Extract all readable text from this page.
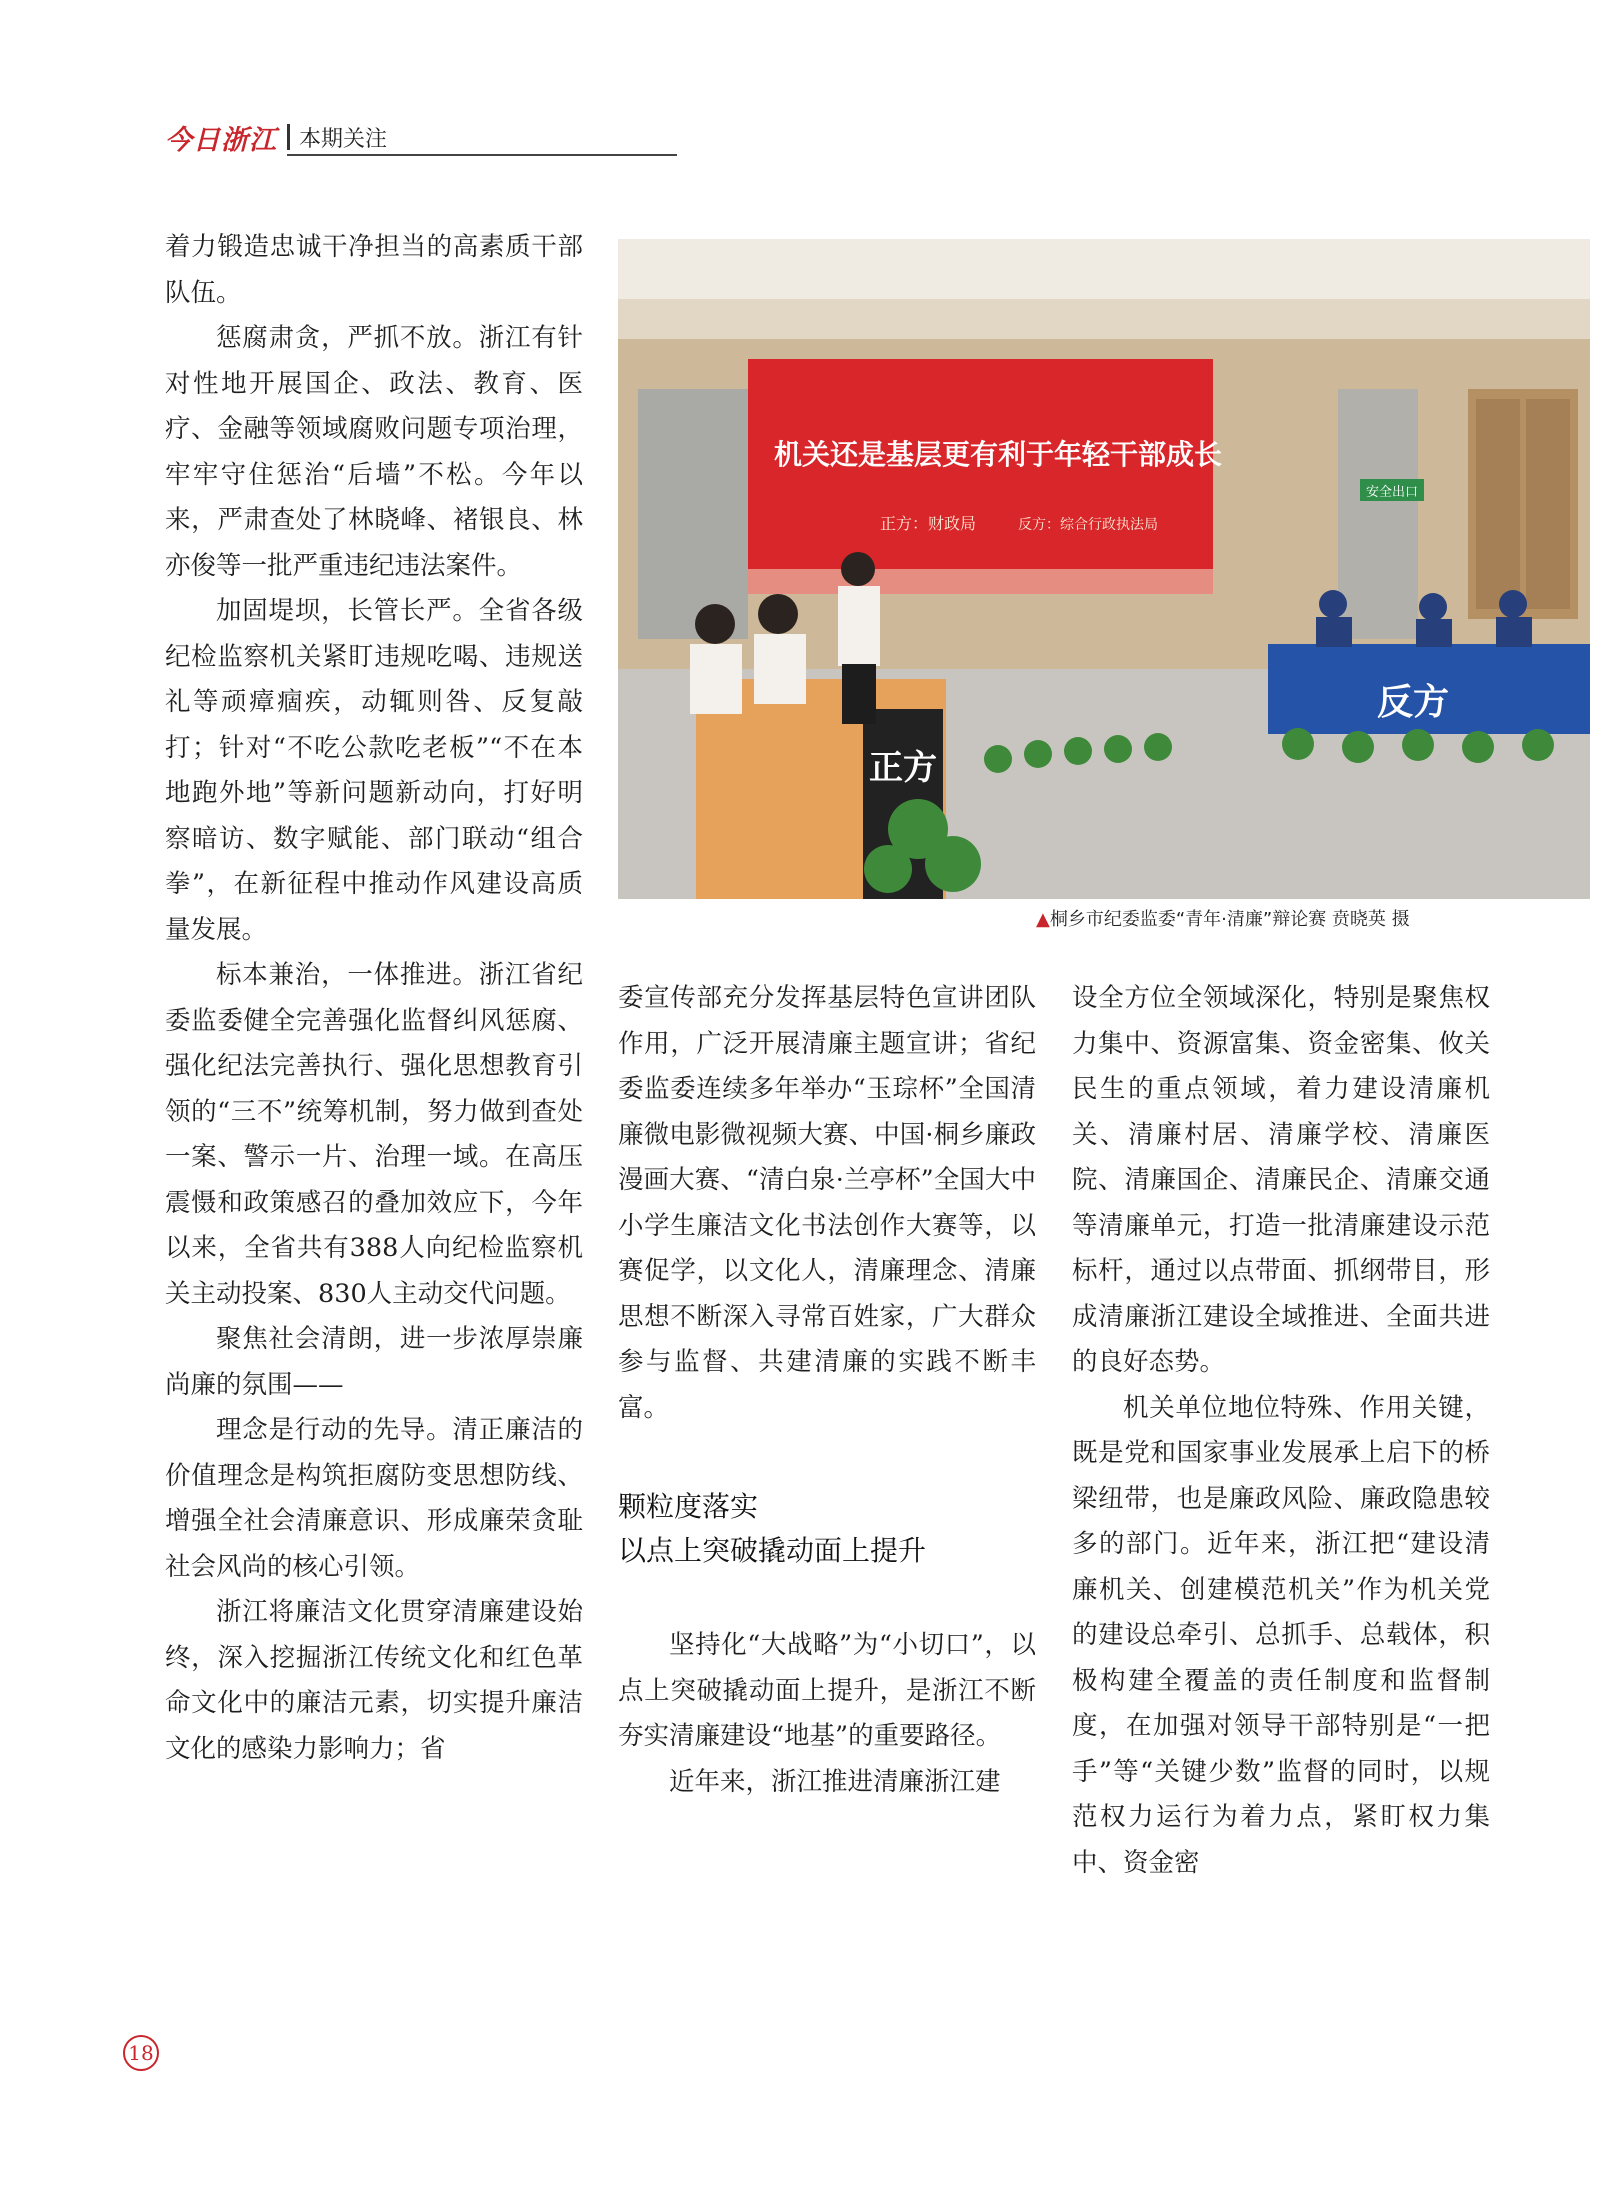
今日浙江 本期关注

着力锻造忠诚干净担当的高素质干部队伍。

惩腐肃贪，严抓不放。浙江有针对性地开展国企、政法、教育、医疗、金融等领域腐败问题专项治理，牢牢守住惩治“后墙”不松。今年以来，严肃查处了林晓峰、褚银良、林亦俊等一批严重违纪违法案件。

加固堤坝，长管长严。全省各级纪检监察机关紧盯违规吃喝、违规送礼等顽瘴痼疾，动辄则咎、反复敲打；针对“不吃公款吃老板”“不在本地跑外地”等新问题新动向，打好明察暗访、数字赋能、部门联动“组合拳”，在新征程中推动作风建设高质量发展。

标本兼治，一体推进。浙江省纪委监委健全完善强化监督纠风惩腐、强化纪法完善执行、强化思想教育引领的“三不”统筹机制，努力做到查处一案、警示一片、治理一域。在高压震慑和政策感召的叠加效应下，今年以来，全省共有388人向纪检监察机关主动投案、830人主动交代问题。

聚焦社会清朗，进一步浓厚崇廉尚廉的氛围——

理念是行动的先导。清正廉洁的价值理念是构筑拒腐防变思想防线、增强全社会清廉意识、形成廉荣贪耻社会风尚的核心引领。

浙江将廉洁文化贯穿清廉建设始终，深入挖掘浙江传统文化和红色革命文化中的廉洁元素，切实提升廉洁文化的感染力影响力；省

安全出口
机关还是基层更有利于年轻干部成长
正方：财政局	反方：综合行政执法局
正方
反方
▲桐乡市纪委监委“青年·清廉”辩论赛 贲晓英 摄

委宣传部充分发挥基层特色宣讲团队作用，广泛开展清廉主题宣讲；省纪委监委连续多年举办“玉琮杯”全国清廉微电影微视频大赛、中国·桐乡廉政漫画大赛、“清白泉·兰亭杯”全国大中小学生廉洁文化书法创作大赛等，以赛促学，以文化人，清廉理念、清廉思想不断深入寻常百姓家，广大群众参与监督、共建清廉的实践不断丰富。

颗粒度落实
以点上突破撬动面上提升

坚持化“大战略”为“小切口”，以点上突破撬动面上提升，是浙江不断夯实清廉建设“地基”的重要路径。

近年来，浙江推进清廉浙江建

设全方位全领域深化，特别是聚焦权力集中、资源富集、资金密集、攸关民生的重点领域，着力建设清廉机关、清廉村居、清廉学校、清廉医院、清廉国企、清廉民企、清廉交通等清廉单元，打造一批清廉建设示范标杆，通过以点带面、抓纲带目，形成清廉浙江建设全域推进、全面共进的良好态势。

机关单位地位特殊、作用关键，既是党和国家事业发展承上启下的桥梁纽带，也是廉政风险、廉政隐患较多的部门。近年来，浙江把“建设清廉机关、创建模范机关”作为机关党的建设总牵引、总抓手、总载体，积极构建全覆盖的责任制度和监督制度，在加强对领导干部特别是“一把手”等“关键少数”监督的同时，以规范权力运行为着力点，紧盯权力集中、资金密

18
